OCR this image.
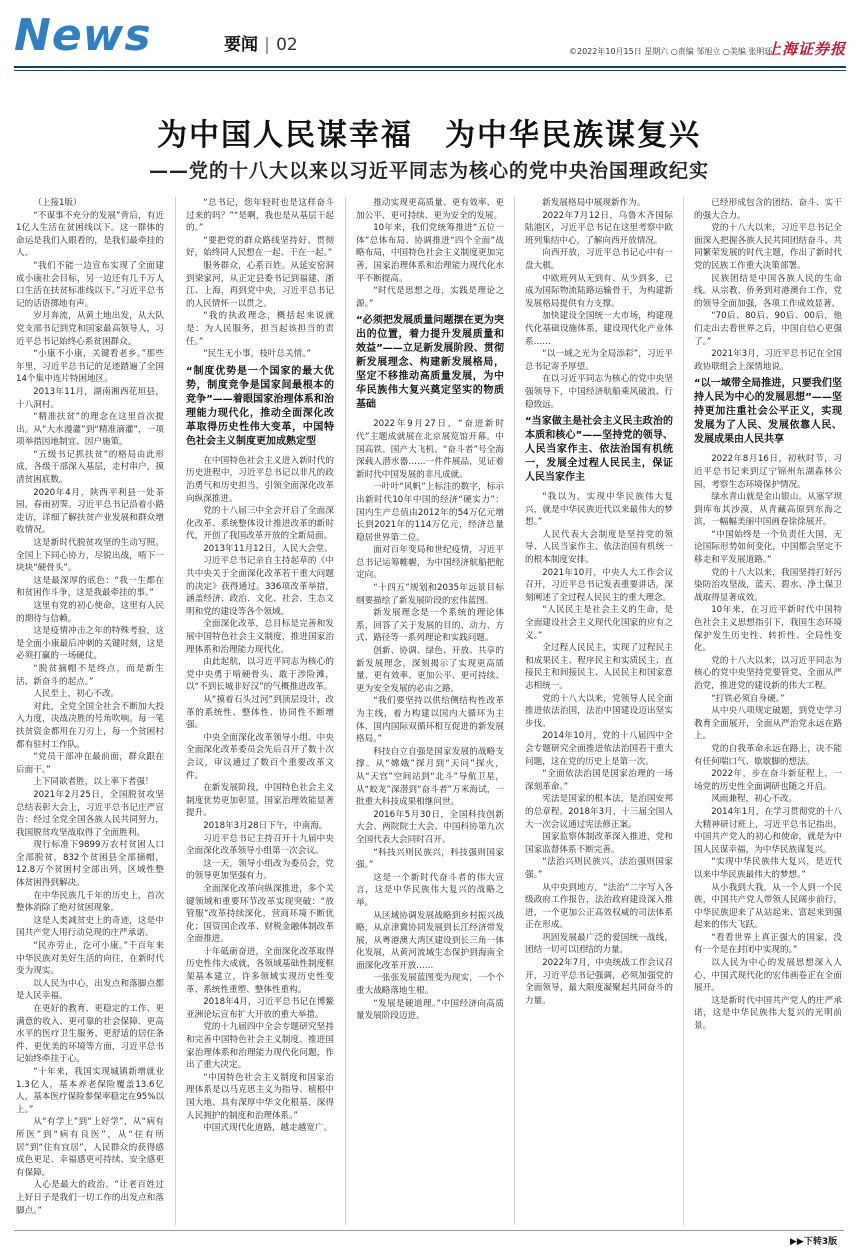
News	要闻 | 02	©2022年10月15日 星期六 ○责编 邹旭立 ○美编 张明环
上海证券报
为中国人民谋幸福　为中华民族谋复兴
——党的十八大以来以习近平同志为核心的党中央治国理政纪实

（上接1版）

“不谋事不充分的发展”背后，有近1亿人生活在贫困线以下。这一群体的命运是我们入眼看的，是我们最牵挂的人。

“我们不能一边宣布实现了全面建成小康社会目标，另一边还有几千万人口生活在扶贫标准线以下。”习近平总书记的话语掷地有声。

岁月奔流，从黄土地出发，从大队党支部书记到党和国家最高领导人，习近平总书记始终心系贫困群众。

“小康不小康，关键看老乡。”那些年里，习近平总书记的足迹踏遍了全国14个集中连片特困地区。

2013年11月，湖南湘西花垣县，十八洞村。

“精准扶贫”的理念在这里首次提出。从“大水漫灌”到“精准滴灌”，一项项举措因地制宜、因户施策。

“五级书记抓扶贫”的格局由此形成，各级干部深入基层，走村串户，摸清贫困底数。

2020年4月，陕西平利县一处茶园，春雨初霁。习近平总书记沿着小路走访，详细了解扶贫产业发展和群众增收情况。

这是新时代脱贫攻坚的生动写照。全国上下同心协力，尽锐出战，啃下一块块“硬骨头”。

这是最深厚的底色：“我一生都在和贫困作斗争，这是我最牵挂的事。”

这里有党的初心使命，这里有人民的期待与信赖。

这是疫情冲击之年的特殊考验，这是全面小康最后冲刺的关键时刻，这是必须打赢的一场硬仗。

“脱贫摘帽不是终点，而是新生活、新奋斗的起点。”

人民至上，初心不改。

对此，全党全国全社会不断加大投入力度，决战决胜的号角吹响。每一笔扶贫资金都用在刀刃上，每一个贫困村都有驻村工作队。

“党员干部冲在最前面，群众跟在后面干。”

上下同欲者胜，以上率下者强！

2021年2月25日，全国脱贫攻坚总结表彰大会上，习近平总书记庄严宣告：经过全党全国各族人民共同努力，我国脱贫攻坚战取得了全面胜利。

现行标准下9899万农村贫困人口全部脱贫，832个贫困县全部摘帽，12.8万个贫困村全部出列，区域性整体贫困得到解决。

在中华民族几千年的历史上，首次整体消除了绝对贫困现象。

这是人类减贫史上的奇迹，这是中国共产党人用行动兑现的庄严承诺。

“民亦劳止，汔可小康。”千百年来中华民族对美好生活的向往，在新时代变为现实。

以人民为中心，出发点和落脚点都是人民幸福。

在更好的教育、更稳定的工作、更满意的收入、更可靠的社会保障、更高水平的医疗卫生服务、更舒适的居住条件、更优美的环境等方面，习近平总书记始终牵挂于心。

“十年来，我国实现城镇新增就业1.3亿人，基本养老保险覆盖13.6亿人，基本医疗保险参保率稳定在95%以上。”

从“有学上”到“上好学”，从“病有所医”到“病有良医”，从“住有所居”到“住有宜居”，人民群众的获得感成色更足、幸福感更可持续、安全感更有保障。

人心是最大的政治。“让老百姓过上好日子是我们一切工作的出发点和落脚点。”

“总书记，您年轻时也是这样奋斗过来的吗？”“是啊，我也是从基层干起的。”

“要把党的群众路线坚持好、贯彻好，始终同人民想在一起、干在一起。”

服务群众，心系百姓。从延安窑洞到梁家河，从正定县委书记到福建、浙江、上海，再到党中央，习近平总书记的人民情怀一以贯之。

“我的执政理念，概括起来说就是：为人民服务，担当起该担当的责任。”

“民生无小事，枝叶总关情。”

“制度优势是一个国家的最大优势，制度竞争是国家间最根本的竞争”——着眼国家治理体系和治理能力现代化，推动全面深化改革取得历史性伟大变革，中国特色社会主义制度更加成熟定型

在中国特色社会主义进入新时代的历史进程中，习近平总书记以非凡的政治勇气和历史担当，引领全面深化改革向纵深推进。

党的十八届三中全会开启了全面深化改革、系统整体设计推进改革的新时代，开创了我国改革开放的全新局面。

2013年11月12日，人民大会堂。

习近平总书记亲自主持起草的《中共中央关于全面深化改革若干重大问题的决定》获得通过。336项改革举措，涵盖经济、政治、文化、社会、生态文明和党的建设等各个领域。

全面深化改革，总目标是完善和发展中国特色社会主义制度，推进国家治理体系和治理能力现代化。

由此起航，以习近平同志为核心的党中央勇于啃硬骨头、敢于涉险滩，以“不到长城非好汉”的气概推进改革。

从“摸着石头过河”到顶层设计，改革的系统性、整体性、协同性不断增强。

中央全面深化改革领导小组、中央全面深化改革委员会先后召开了数十次会议，审议通过了数百个重要改革文件。

在新发展阶段，中国特色社会主义制度优势更加彰显，国家治理效能显著提升。

2018年3月28日下午，中南海。

习近平总书记主持召开十九届中央全面深化改革领导小组第一次会议。

这一天，领导小组改为委员会，党的领导更加坚强有力。

全面深化改革向纵深推进，多个关键领域和重要环节改革实现突破：“放管服”改革持续深化，营商环境不断优化；国资国企改革、财税金融体制改革全面推进。

十年砥砺奋进，全面深化改革取得历史性伟大成就，各领域基础性制度框架基本建立，许多领域实现历史性变革、系统性重塑、整体性重构。

2018年4月，习近平总书记在博鳌亚洲论坛宣布扩大开放的重大举措。

党的十九届四中全会专题研究坚持和完善中国特色社会主义制度、推进国家治理体系和治理能力现代化问题，作出了重大决定。

“中国特色社会主义制度和国家治理体系是以马克思主义为指导、植根中国大地、具有深厚中华文化根基、深得人民拥护的制度和治理体系。”

中国式现代化道路，越走越宽广。

推动实现更高质量、更有效率、更加公平、更可持续、更为安全的发展。

10年来，我们党统筹推进“五位一体”总体布局、协调推进“四个全面”战略布局，中国特色社会主义制度更加完善，国家治理体系和治理能力现代化水平不断提高。

“时代是思想之母，实践是理论之源。”

“必须把发展质量问题摆在更为突出的位置，着力提升发展质量和效益”——立足新发展阶段、贯彻新发展理念、构建新发展格局，坚定不移推动高质量发展，为中华民族伟大复兴奠定坚实的物质基础

2022年9月27日，“奋进新时代”主题成就展在北京展览馆开幕。中国高铁、国产大飞机、“奋斗者”号全海深载人潜水器……一件件展品，见证着新时代中国发展的非凡成就。

一叶叶“风帆”上标注的数字，标示出新时代10年中国的经济“硬实力”：国内生产总值由2012年的54万亿元增长到2021年的114万亿元，经济总量稳居世界第二位。

面对百年变局和世纪疫情，习近平总书记运筹帷幄，为中国经济航船把舵定向。

“十四五”规划和2035年远景目标纲要描绘了新发展阶段的宏伟蓝图。

新发展理念是一个系统的理论体系，回答了关于发展的目的、动力、方式、路径等一系列理论和实践问题。

创新、协调、绿色、开放、共享的新发展理念，深刻揭示了实现更高质量、更有效率、更加公平、更可持续、更为安全发展的必由之路。

“我们要坚持以供给侧结构性改革为主线，着力构建以国内大循环为主体、国内国际双循环相互促进的新发展格局。”

科技自立自强是国家发展的战略支撑。从“嫦娥”探月到“天问”探火，从“天宫”空间站到“北斗”导航卫星，从“蛟龙”深潜到“奋斗者”万米海试，一批重大科技成果相继问世。

2016年5月30日，全国科技创新大会、两院院士大会、中国科协第九次全国代表大会同时召开。

“科技兴则民族兴，科技强则国家强。”

这是一个新时代奋斗者的伟大宣言，这是中华民族伟大复兴的战略之举。

从区域协调发展战略到乡村振兴战略，从京津冀协同发展到长江经济带发展，从粤港澳大湾区建设到长三角一体化发展，从黄河流域生态保护到海南全面深化改革开放……

一张张发展蓝图变为现实，一个个重大战略落地生根。

“发展是硬道理。”中国经济向高质量发展阶段迈进。

新发展格局中展现新作为。

2022年7月12日，乌鲁木齐国际陆港区，习近平总书记在这里考察中欧班列集结中心，了解向西开放情况。

向西开放，习近平总书记心中有一盘大棋。

中欧班列从无到有、从少到多，已成为国际物流陆路运输骨干，为构建新发展格局提供有力支撑。

加快建设全国统一大市场，构建现代化基础设施体系，建设现代化产业体系……

“以一域之光为全局添彩”，习近平总书记寄予厚望。

在以习近平同志为核心的党中央坚强领导下，中国经济航船乘风破浪、行稳致远。

“当家做主是社会主义民主政治的本质和核心”——坚持党的领导、人民当家作主、依法治国有机统一，发展全过程人民民主，保证人民当家作主

“我以为，实现中华民族伟大复兴，就是中华民族近代以来最伟大的梦想。”

人民代表大会制度是坚持党的领导、人民当家作主、依法治国有机统一的根本制度安排。

2021年10月，中央人大工作会议召开，习近平总书记发表重要讲话，深刻阐述了全过程人民民主的重大理念。

“人民民主是社会主义的生命，是全面建设社会主义现代化国家的应有之义。”

全过程人民民主，实现了过程民主和成果民主、程序民主和实质民主、直接民主和间接民主、人民民主和国家意志相统一。

党的十八大以来，党领导人民全面推进依法治国，法治中国建设迈出坚实步伐。

2014年10月，党的十八届四中全会专题研究全面推进依法治国若干重大问题，这在党的历史上是第一次。

“全面依法治国是国家治理的一场深刻革命。”

宪法是国家的根本法，是治国安邦的总章程。2018年3月，十三届全国人大一次会议通过宪法修正案。

国家监察体制改革深入推进，党和国家监督体系不断完善。

“法治兴则民族兴，法治强则国家强。”

从中央到地方，“法治”二字写入各级政府工作报告，法治政府建设深入推进，一个更加公正高效权威的司法体系正在形成。

巩固发展最广泛的爱国统一战线，团结一切可以团结的力量。

2022年7月，中央统战工作会议召开，习近平总书记强调，必须加强党的全面领导，最大限度凝聚起共同奋斗的力量。

已经形成包含的团结、奋斗、实干的强大合力。

党的十八大以来，习近平总书记全面深入把握各族人民共同团结奋斗、共同繁荣发展的时代主题，作出了新时代党的民族工作重大决策部署。

民族团结是中国各族人民的生命线。从宗教、侨务到对港澳台工作，党的领导全面加强，各项工作成效显著。

“70后、80后、90后、00后，他们走出去看世界之后，中国自信心更强了。”

2021年3月，习近平总书记在全国政协联组会上深情地说。

“以一域带全局推进，只要我们坚持人民为中心的发展思想”——坚持更加注重社会公平正义，实现发展为了人民、发展依靠人民、发展成果由人民共享

2022年8月16日，初秋时节，习近平总书记来到辽宁锦州东湖森林公园，考察生态环境保护情况。

绿水青山就是金山银山。从塞罕坝到库布其沙漠，从青藏高原到东海之滨，一幅幅美丽中国画卷徐徐展开。

“中国始终是一个负责任大国，无论国际形势如何变化，中国都会坚定不移走和平发展道路。”

党的十八大以来，我国坚持打好污染防治攻坚战，蓝天、碧水、净土保卫战取得显著成效。

10年来，在习近平新时代中国特色社会主义思想指引下，我国生态环境保护发生历史性、转折性、全局性变化。

党的十八大以来，以习近平同志为核心的党中央坚持党要管党、全面从严治党，推进党的建设新的伟大工程。

“打铁必须自身硬。”

从中央八项规定破题，到党史学习教育全面展开，全面从严治党永远在路上。

党的自我革命永远在路上，决不能有任何喘口气、歇歇脚的想法。

2022年，步在奋斗新征程上，一场党的历史性全面调研也随之开启。

风雨兼程，初心不改。

2014年1月，在学习贯彻党的十八大精神研讨班上，习近平总书记指出，中国共产党人的初心和使命，就是为中国人民谋幸福，为中华民族谋复兴。

“实现中华民族伟大复兴，是近代以来中华民族最伟大的梦想。”

从小我到大我，从一个人到一个民族，中国共产党人带领人民阔步前行，中华民族迎来了从站起来、富起来到强起来的伟大飞跃。

“看看世界上真正强大的国家，没有一个是在封闭中实现的。”

以人民为中心的发展思想深入人心，中国式现代化的宏伟画卷正在全面展开。

这是新时代中国共产党人的庄严承诺，这是中华民族伟大复兴的光明前景。

▶▶下转3版
